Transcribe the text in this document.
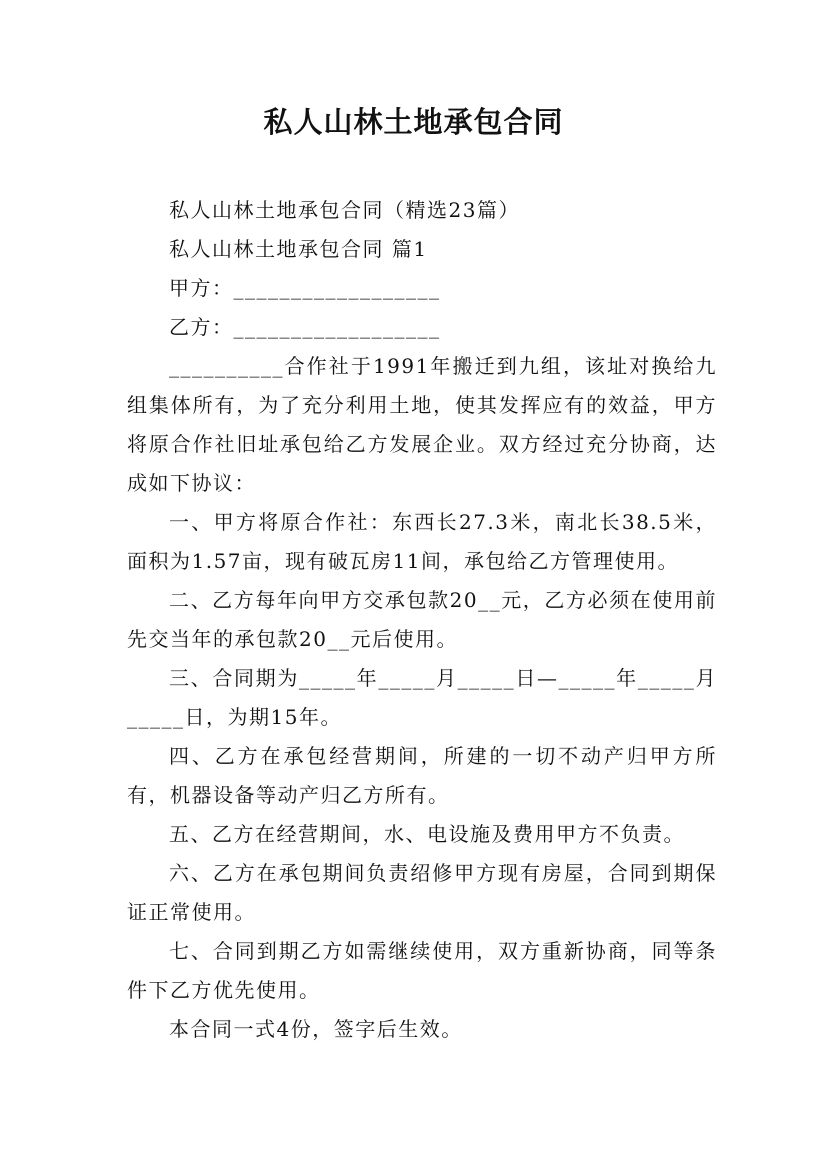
私人山林土地承包合同
私人山林土地承包合同（精选23篇）
私人山林土地承包合同 篇1
甲方：__________________
乙方：__________________
__________合作社于1991年搬迁到九组，该址对换给九组集体所有，为了充分利用土地，使其发挥应有的效益，甲方将原合作社旧址承包给乙方发展企业。双方经过充分协商，达成如下协议：
一、甲方将原合作社：东西长27.3米，南北长38.5米，面积为1.57亩，现有破瓦房11间，承包给乙方管理使用。
二、乙方每年向甲方交承包款20__元，乙方必须在使用前先交当年的承包款20__元后使用。
三、合同期为_____年_____月_____日—_____年_____月_____日，为期15年。
四、乙方在承包经营期间，所建的一切不动产归甲方所有，机器设备等动产归乙方所有。
五、乙方在经营期间，水、电设施及费用甲方不负责。
六、乙方在承包期间负责绍修甲方现有房屋，合同到期保证正常使用。
七、合同到期乙方如需继续使用，双方重新协商，同等条件下乙方优先使用。
本合同一式4份，签字后生效。
